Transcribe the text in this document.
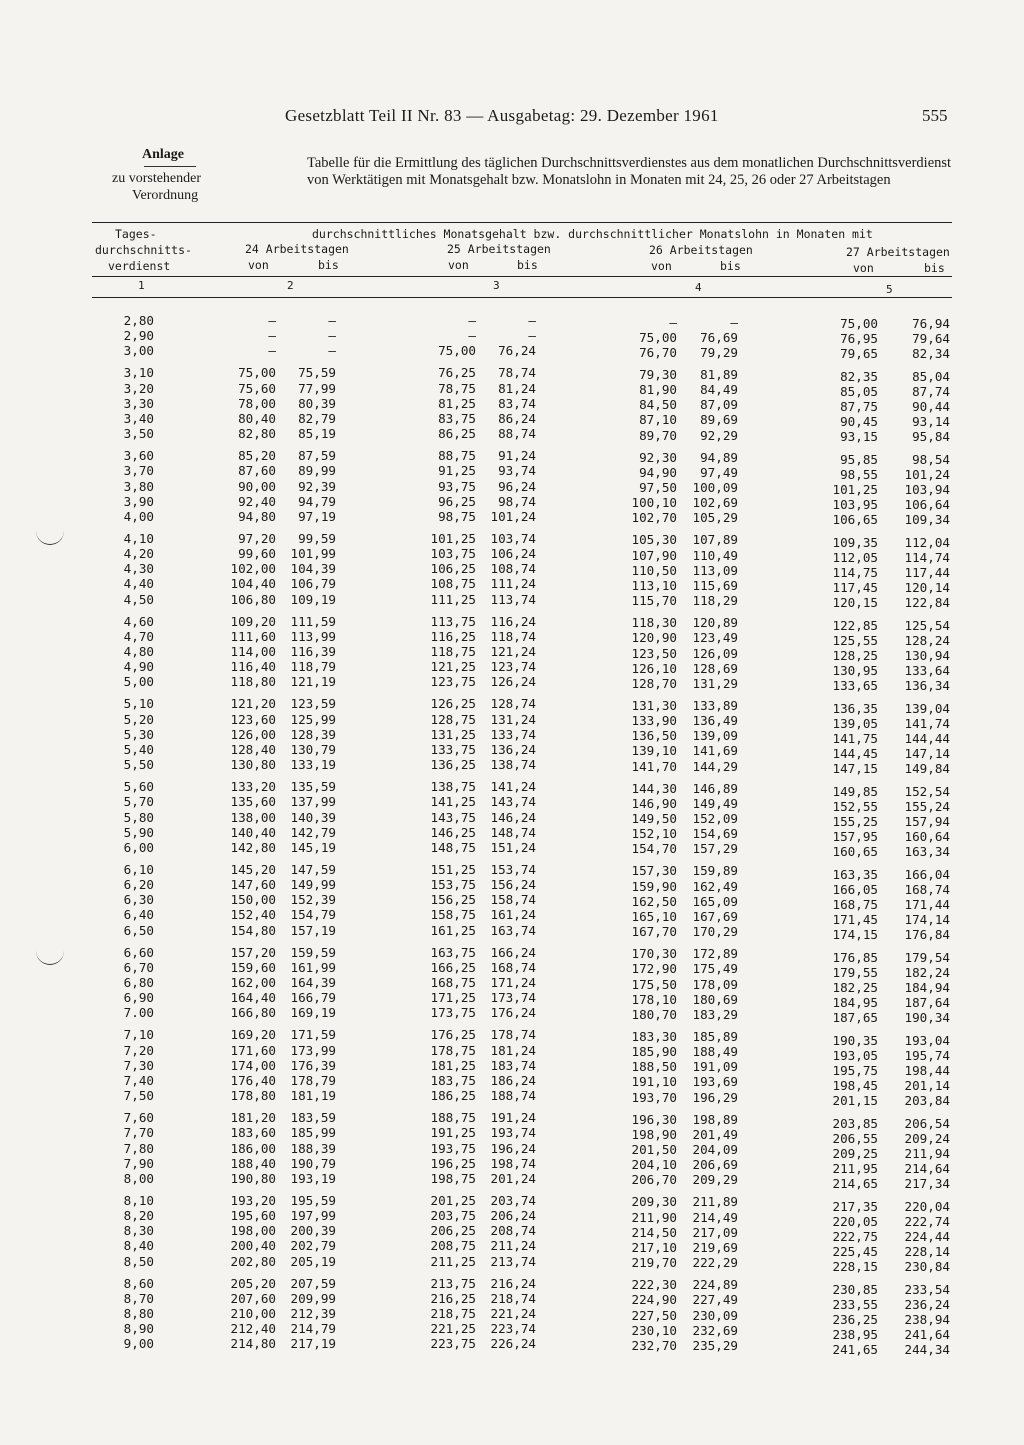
Gesetzblatt Teil II Nr. 83 — Ausgabetag: 29. Dezember 1961	555
Anlage
zu vorstehender
Verordnung
Tabelle für die Ermittlung des täglichen Durchschnittsverdienstes aus dem monatlichen Durchschnittsverdienst von Werktätigen mit Monatsgehalt bzw. Monatslohn in Monaten mit 24, 25, 26 oder 27 Arbeitstagen
Tages-
durchschnitts-
verdienst
durchschnittliches Monatsgehalt bzw. durchschnittlicher Monatslohn in Monaten mit
24 Arbeitstagen	25 Arbeitstagen	26 Arbeitstagen	27 Arbeitstagen
von	bis	von	bis	von	bis	von	bis
1	2	3	4	5
2,80	—	—	—	—	—	—	75,00	76,94
2,90	—	—	—	—	75,00	76,69	76,95	79,64
3,00	—	—	75,00	76,24	76,70	79,29	79,65	82,34
3,10	75,00	75,59	76,25	78,74	79,30	81,89	82,35	85,04
3,20	75,60	77,99	78,75	81,24	81,90	84,49	85,05	87,74
3,30	78,00	80,39	81,25	83,74	84,50	87,09	87,75	90,44
3,40	80,40	82,79	83,75	86,24	87,10	89,69	90,45	93,14
3,50	82,80	85,19	86,25	88,74	89,70	92,29	93,15	95,84
3,60	85,20	87,59	88,75	91,24	92,30	94,89	95,85	98,54
3,70	87,60	89,99	91,25	93,74	94,90	97,49	98,55	101,24
3,80	90,00	92,39	93,75	96,24	97,50	100,09	101,25	103,94
3,90	92,40	94,79	96,25	98,74	100,10	102,69	103,95	106,64
4,00	94,80	97,19	98,75	101,24	102,70	105,29	106,65	109,34
4,10	97,20	99,59	101,25	103,74	105,30	107,89	109,35	112,04
4,20	99,60	101,99	103,75	106,24	107,90	110,49	112,05	114,74
4,30	102,00	104,39	106,25	108,74	110,50	113,09	114,75	117,44
4,40	104,40	106,79	108,75	111,24	113,10	115,69	117,45	120,14
4,50	106,80	109,19	111,25	113,74	115,70	118,29	120,15	122,84
4,60	109,20	111,59	113,75	116,24	118,30	120,89	122,85	125,54
4,70	111,60	113,99	116,25	118,74	120,90	123,49	125,55	128,24
4,80	114,00	116,39	118,75	121,24	123,50	126,09	128,25	130,94
4,90	116,40	118,79	121,25	123,74	126,10	128,69	130,95	133,64
5,00	118,80	121,19	123,75	126,24	128,70	131,29	133,65	136,34
5,10	121,20	123,59	126,25	128,74	131,30	133,89	136,35	139,04
5,20	123,60	125,99	128,75	131,24	133,90	136,49	139,05	141,74
5,30	126,00	128,39	131,25	133,74	136,50	139,09	141,75	144,44
5,40	128,40	130,79	133,75	136,24	139,10	141,69	144,45	147,14
5,50	130,80	133,19	136,25	138,74	141,70	144,29	147,15	149,84
5,60	133,20	135,59	138,75	141,24	144,30	146,89	149,85	152,54
5,70	135,60	137,99	141,25	143,74	146,90	149,49	152,55	155,24
5,80	138,00	140,39	143,75	146,24	149,50	152,09	155,25	157,94
5,90	140,40	142,79	146,25	148,74	152,10	154,69	157,95	160,64
6,00	142,80	145,19	148,75	151,24	154,70	157,29	160,65	163,34
6,10	145,20	147,59	151,25	153,74	157,30	159,89	163,35	166,04
6,20	147,60	149,99	153,75	156,24	159,90	162,49	166,05	168,74
6,30	150,00	152,39	156,25	158,74	162,50	165,09	168,75	171,44
6,40	152,40	154,79	158,75	161,24	165,10	167,69	171,45	174,14
6,50	154,80	157,19	161,25	163,74	167,70	170,29	174,15	176,84
6,60	157,20	159,59	163,75	166,24	170,30	172,89	176,85	179,54
6,70	159,60	161,99	166,25	168,74	172,90	175,49	179,55	182,24
6,80	162,00	164,39	168,75	171,24	175,50	178,09	182,25	184,94
6,90	164,40	166,79	171,25	173,74	178,10	180,69	184,95	187,64
7.00	166,80	169,19	173,75	176,24	180,70	183,29	187,65	190,34
7,10	169,20	171,59	176,25	178,74	183,30	185,89	190,35	193,04
7,20	171,60	173,99	178,75	181,24	185,90	188,49	193,05	195,74
7,30	174,00	176,39	181,25	183,74	188,50	191,09	195,75	198,44
7,40	176,40	178,79	183,75	186,24	191,10	193,69	198,45	201,14
7,50	178,80	181,19	186,25	188,74	193,70	196,29	201,15	203,84
7,60	181,20	183,59	188,75	191,24	196,30	198,89	203,85	206,54
7,70	183,60	185,99	191,25	193,74	198,90	201,49	206,55	209,24
7,80	186,00	188,39	193,75	196,24	201,50	204,09	209,25	211,94
7,90	188,40	190,79	196,25	198,74	204,10	206,69	211,95	214,64
8,00	190,80	193,19	198,75	201,24	206,70	209,29	214,65	217,34
8,10	193,20	195,59	201,25	203,74	209,30	211,89	217,35	220,04
8,20	195,60	197,99	203,75	206,24	211,90	214,49	220,05	222,74
8,30	198,00	200,39	206,25	208,74	214,50	217,09	222,75	224,44
8,40	200,40	202,79	208,75	211,24	217,10	219,69	225,45	228,14
8,50	202,80	205,19	211,25	213,74	219,70	222,29	228,15	230,84
8,60	205,20	207,59	213,75	216,24	222,30	224,89	230,85	233,54
8,70	207,60	209,99	216,25	218,74	224,90	227,49	233,55	236,24
8,80	210,00	212,39	218,75	221,24	227,50	230,09	236,25	238,94
8,90	212,40	214,79	221,25	223,74	230,10	232,69	238,95	241,64
9,00	214,80	217,19	223,75	226,24	232,70	235,29	241,65	244,34
